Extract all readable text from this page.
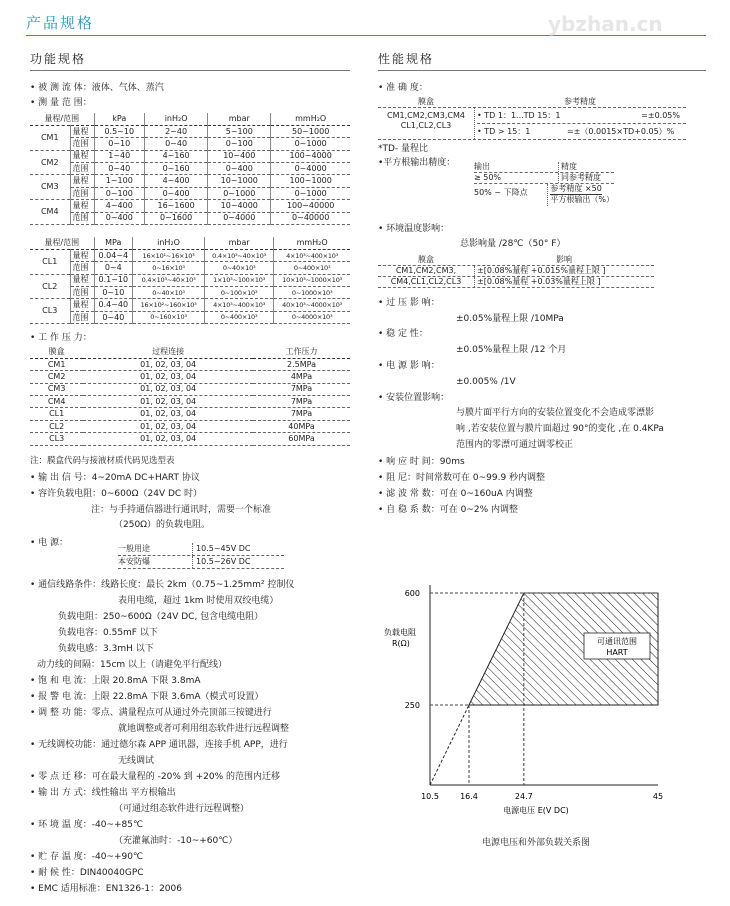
产品规格	ybzhan.cn
功能规格
• 被 测 流 体：液体、气体、蒸汽
• 测 量 范 围：
量程/范围		kPa	inH₂O	mbar	mmH₂O
CM1	量程	0.5~10	2~40	5~100	50~1000
	范围	0~10	0~40	0~100	0~1000
CM2	量程	1~40	4~160	10~400	100~4000
	范围	0~40	0~160	0~400	0~4000
CM3	量程	1~100	4~400	10~1000	100~1000
	范围	0~100	0~400	0~1000	0~1000
CM4	量程	4~400	16~1600	10~4000	100~40000
	范围	0~400	0~1600	0~4000	0~40000
量程/范围		MPa	inH₂O	mbar	mmH₂O
CL1	量程	0.04~4	16×10¹~16×10³	0.4×10³~40×10³	4×10³~400×10³
	范围	0~4	0~16×10³	0~40×10³	0~400×10³
CL2	量程	0.1~10	0.4×10³~40×10³	1×10³~100×10³	10×10³~1000×10³
	范围	0~10	0~40×10³	0~100×10³	0~1000×10³
CL3	量程	0.4~40	16×10²~160×10³	4×10³~400×10³	40×10³~4000×10³
	范围	0~40	0~160×10³	0~400×10³	0~4000×10³
• 工 作 压 力：
膜盒	过程连接	工作压力
CM1	01, 02, 03, 04	2.5MPa
CM2	01, 02, 03, 04	4MPa
CM3	01, 02, 03, 04	7MPa
CM4	01, 02, 03, 04	7MPa
CL1	01, 02, 03, 04	7MPa
CL2	01, 02, 03, 04	40MPa
CL3	01, 02, 03, 04	60MPa
注：膜盒代码与接液材质代码见选型表
• 输 出 信 号：4~20mA DC+HART 协议
• 容许负载电阻：0~600Ω（24V DC 时）
注：与手持通信器进行通讯时，需要一个标准
（250Ω）的负载电阻。
• 电 源：
一般用途	10.5~45V DC
本安防爆	10.5~26V DC
• 通信线路条件：线路长度：最长 2km（0.75~1.25mm² 控制仪
表用电缆，超过 1km 时使用双绞电缆）
负载电阻：250~600Ω（24V DC, 包含电缆电阻）
负载电容：0.55mF 以下
负载电感：3.3mH 以下
动力线的间隔：15cm 以上（请避免平行配线）
• 饱 和 电 流：上限 20.8mA 下限 3.8mA
• 报 警 电 流：上限 22.8mA 下限 3.6mA（模式可设置）
• 调 整 功 能：零点、满量程点可从通过外壳顶部三按键进行
就地调整或者可利用组态软件进行远程调整
• 无线调校功能：通过德尔森 APP 通讯器，连接手机 APP，进行
无线调试
• 零 点 迁 移：可在最大量程的 -20% 到 +20% 的范围内迁移
• 输 出 方 式：线性输出 平方根输出
（可通过组态软件进行远程调整）
• 环 境 温 度：-40~+85℃
（充灌氟油时：-10~+60℃）
• 贮 存 温 度：-40~+90℃
• 耐 候 性：DIN40040GPC
• EMC 适用标准：EN1326-1：2006
性能规格
• 准 确 度：
膜盒	参考精度
CM1,CM2,CM3,CM4
CL1,CL2,CL3
• TD 1：1...TD 15：1	=±0.05%
• TD > 15：1	=±（0.0015×TD+0.05）%
*TD- 量程比
•平方根输出精度： 输出	精度
≥ 50%	同参考精度
50% ~ 下降点	参考精度 ×50
平方根输出（%）
• 环境温度影响：
总影响量 /28℃（50° F）
膜盒	影响
CM1,CM2,CM3,	±[0.08%量程 +0.015%量程上限 ]
CM4,CL1,CL2,CL3	±[0.08%量程 +0.03%量程上限 ]
• 过 压 影 响：
±0.05%量程上限 /10MPa
• 稳 定 性：
±0.05%量程上限 /12 个月
• 电 源 影 响：
±0.005% /1V
• 安装位置影响：
与膜片面平行方向的安装位置变化不会造成零漂影
响 ,若安装位置与膜片面超过 90°的变化 ,在 0.4KPa
范围内的零漂可通过调零校正
• 响 应 时 间：90ms
• 阻 尼：时间常数可在 0~99.9 秒内调整
• 滤 波 常 数：可在 0~160uA 内调整
• 自 稳 系 数：可在 0~2% 内调整
250
600
10.5	16.4	24.7	45
负载电阻
R(Ω)
电源电压 E(V DC)
可通讯范围
HART
电源电压和外部负载关系图
